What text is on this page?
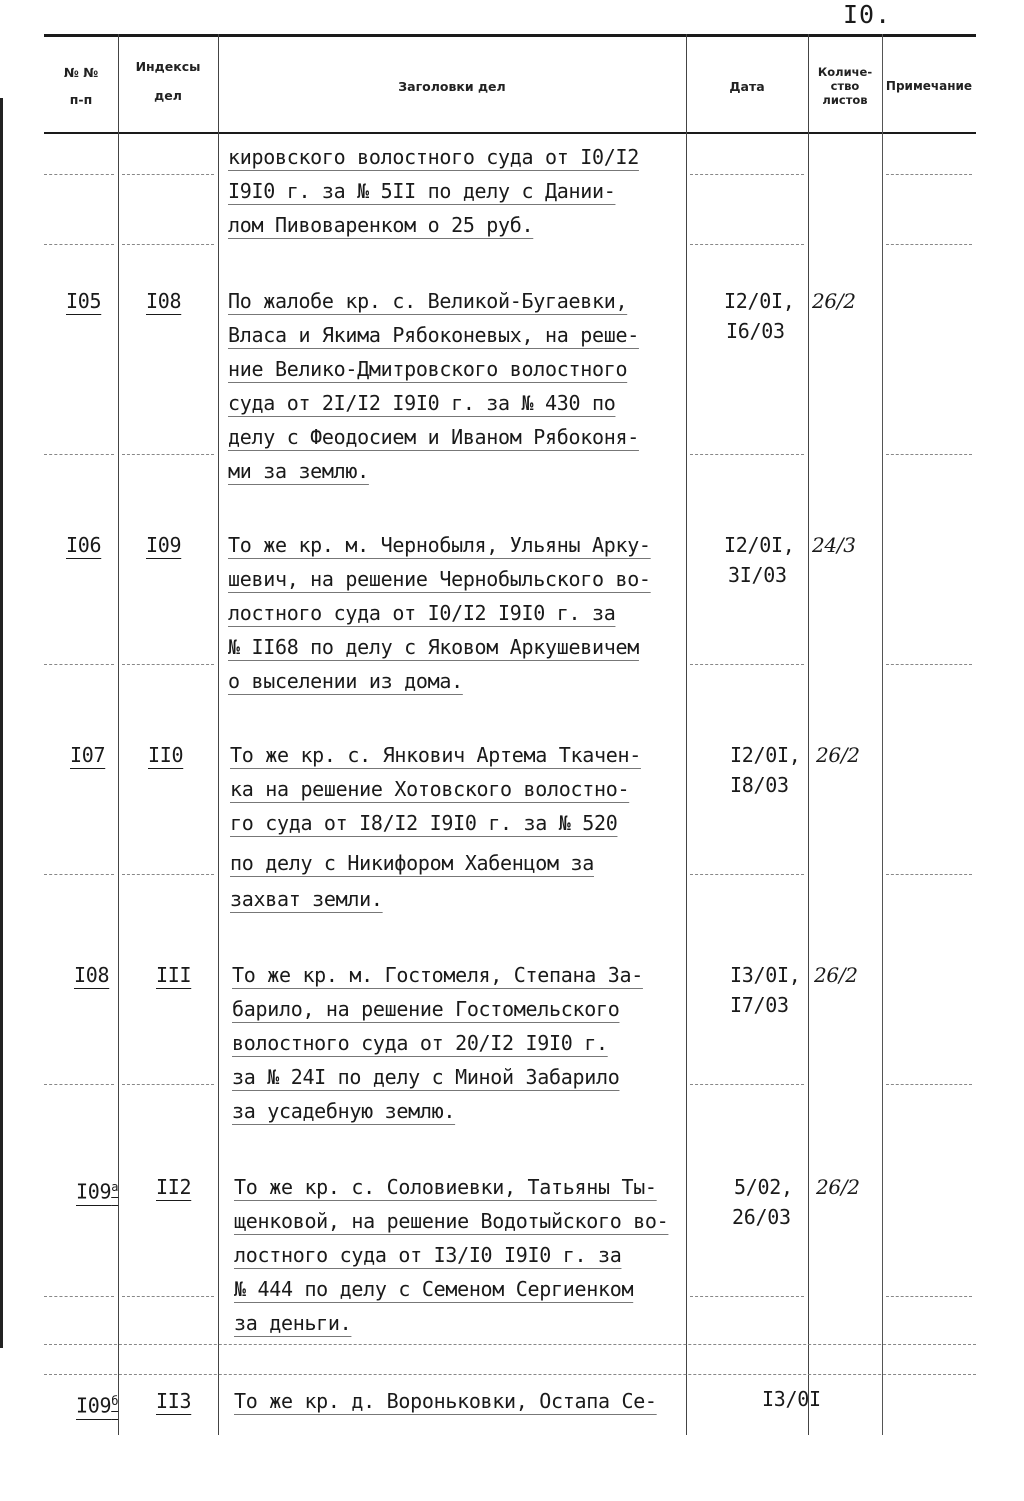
I0.
№ №
п-п
Индексы
дел
Заголовки дел	Дата
Количе-
ство
листов
Примечание
кировского волостного суда от I0/I2
I9I0 г. за № 5II по делу с Дании-
лом Пивоваренком о 25 руб.
I05 I08 По жалобе кр. с. Великой-Бугаевки,
Власа и Якима Рябоконевых, на реше-
ние Велико-Дмитровского волостного
суда от 2I/I2 I9I0 г. за № 430 по
делу с Феодосием и Иваном Рябоконя-
ми за землю.
I2/0I,
I6/03
26/2
I06 I09 То же кр. м. Чернобыля, Ульяны Арку-
шевич, на решение Чернобыльского во-
лостного суда от I0/I2 I9I0 г. за
№ II68 по делу с Яковом Аркушевичем
о выселении из дома.
I2/0I,
3I/03
24/3
I07 II0 То же кр. с. Янкович Артема Ткачен-
ка на решение Хотовского волостно-
го суда от I8/I2 I9I0 г. за № 520
по делу с Никифором Хабенцом за
захват земли.
I2/0I,
I8/03
26/2
I08 III То же кр. м. Гостомеля, Степана За-
барило, на решение Гостомельского
волостного суда от 20/I2 I9I0 г.
за № 24I по делу с Миной Забарило
за усадебную землю.
I3/0I,
I7/03
26/2
$I09^а$ II2 То же кр. с. Соловиевки, Татьяны Ты-
щенковой, на решение Водотыйского во-
лостного суда от I3/I0 I9I0 г. за
№ 444 по делу с Семеном Сергиенком
за деньги.
5/02,
26/03
26/2
$I09^б$ II3 То же кр. д. Вороньковки, Остапа Се-	I3/0I
